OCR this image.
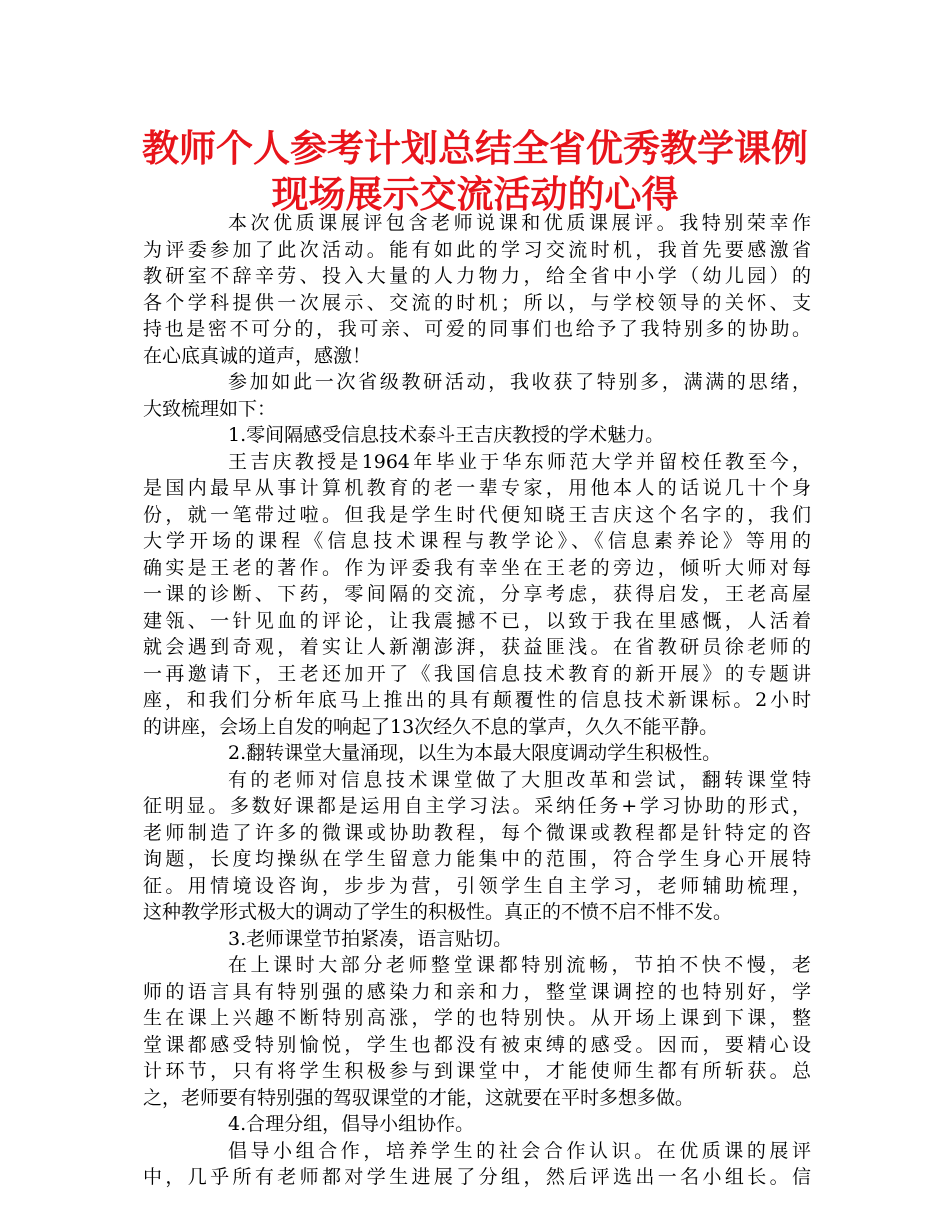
教师个人参考计划总结全省优秀教学课例
现场展示交流活动的心得
本次优质课展评包含老师说课和优质课展评。我特别荣幸作
为评委参加了此次活动。能有如此的学习交流时机，我首先要感激省
教研室不辞辛劳、投入大量的人力物力，给全省中小学（幼儿园）的
各个学科提供一次展示、交流的时机；所以，与学校领导的关怀、支
持也是密不可分的，我可亲、可爱的同事们也给予了我特别多的协助。
在心底真诚的道声，感激！
参加如此一次省级教研活动，我收获了特别多，满满的思绪，
大致梳理如下：
1.零间隔感受信息技术泰斗王吉庆教授的学术魅力。
王吉庆教授是1964年毕业于华东师范大学并留校任教至今，
是国内最早从事计算机教育的老一辈专家，用他本人的话说几十个身
份，就一笔带过啦。但我是学生时代便知晓王吉庆这个名字的，我们
大学开场的课程《信息技术课程与教学论》、《信息素养论》等用的
确实是王老的著作。作为评委我有幸坐在王老的旁边，倾听大师对每
一课的诊断、下药，零间隔的交流，分享考虑，获得启发，王老高屋
建瓴、一针见血的评论，让我震撼不已，以致于我在里感慨，人活着
就会遇到奇观，着实让人新潮澎湃，获益匪浅。在省教研员徐老师的
一再邀请下，王老还加开了《我国信息技术教育的新开展》的专题讲
座，和我们分析年底马上推出的具有颠覆性的信息技术新课标。2小时
的讲座，会场上自发的响起了13次经久不息的掌声，久久不能平静。
2.翻转课堂大量涌现，以生为本最大限度调动学生积极性。
有的老师对信息技术课堂做了大胆改革和尝试，翻转课堂特
征明显。多数好课都是运用自主学习法。采纳任务+学习协助的形式，
老师制造了许多的微课或协助教程，每个微课或教程都是针特定的咨
询题，长度均操纵在学生留意力能集中的范围，符合学生身心开展特
征。用情境设咨询，步步为营，引领学生自主学习，老师辅助梳理，
这种教学形式极大的调动了学生的积极性。真正的不愤不启不悱不发。
3.老师课堂节拍紧凑，语言贴切。
在上课时大部分老师整堂课都特别流畅，节拍不快不慢，老
师的语言具有特别强的感染力和亲和力，整堂课调控的也特别好，学
生在课上兴趣不断特别高涨，学的也特别快。从开场上课到下课，整
堂课都感受特别愉悦，学生也都没有被束缚的感受。因而，要精心设
计环节，只有将学生积极参与到课堂中，才能使师生都有所斩获。总
之，老师要有特别强的驾驭课堂的才能，这就要在平时多想多做。
4.合理分组，倡导小组协作。
倡导小组合作，培养学生的社会合作认识。在优质课的展评
中，几乎所有老师都对学生进展了分组，然后评选出一名小组长。信
